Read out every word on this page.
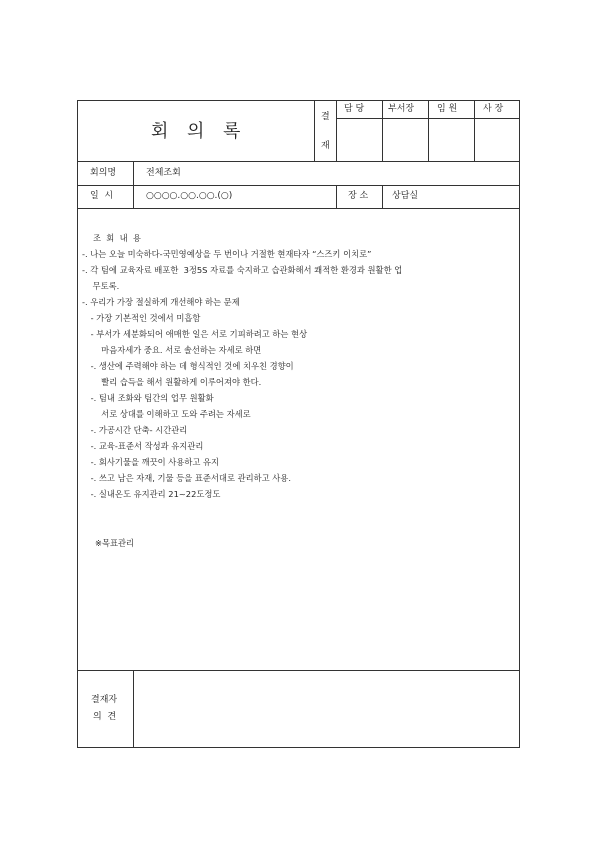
회 의 록
결
재
담 당	부서장	임 원	사 장
회의명	전체조회
일  시	○○○○.○○.○○.(○)	장 소	상담실
조  회  내  용
-. 나는 오늘 미숙하다-국민영예상을 두 번이나 거절한 현재타자 “스즈키 이치로”
-. 각 팀에 교육자료 배포한  3정5S 자료를 숙지하고 습관화해서 쾌적한 환경과 원활한 업
무토록.
-. 우리가 가장 절실하게 개선해야 하는 문제
- 가장 기본적인 것에서 미흡함
- 부서가 세분화되어 애매한 일은 서로 기피하려고 하는 현상
마음자세가 중요. 서로 솔선하는 자세로 하면
-. 생산에 주력해야 하는 데 형식적인 것에 치우친 경향이
빨리 습득을 해서 원활하게 이루어져야 한다.
-. 팀내 조화와 팀간의 업무 원활화
서로 상대를 이해하고 도와 주려는 자세로
-. 가공시간 단축- 시간관리
-. 교육-표준서 작성과 유지관리
-. 회사기물을 깨끗이 사용하고 유지
-. 쓰고 남은 자재, 기물 등을 표준서대로 관리하고 사용.
-. 실내온도 유지관리 21~22도정도
※목표관리
결재자
의  견
